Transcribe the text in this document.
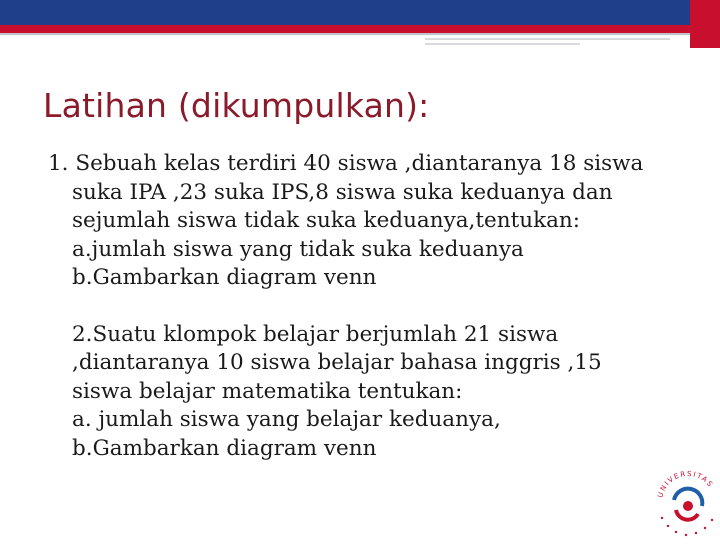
Latihan (dikumpulkan):

1. Sebuah kelas terdiri 40 siswa ,diantaranya 18 siswa
suka IPA ,23 suka IPS,8 siswa suka keduanya dan
sejumlah siswa tidak suka keduanya,tentukan:
a.jumlah siswa yang tidak suka keduanya
b.Gambarkan diagram venn

2.Suatu klompok belajar berjumlah 21 siswa
,diantaranya 10 siswa belajar bahasa inggris ,15
siswa belajar matematika tentukan:
a. jumlah siswa yang belajar keduanya,
b.Gambarkan diagram venn

UNIVERSITAS
